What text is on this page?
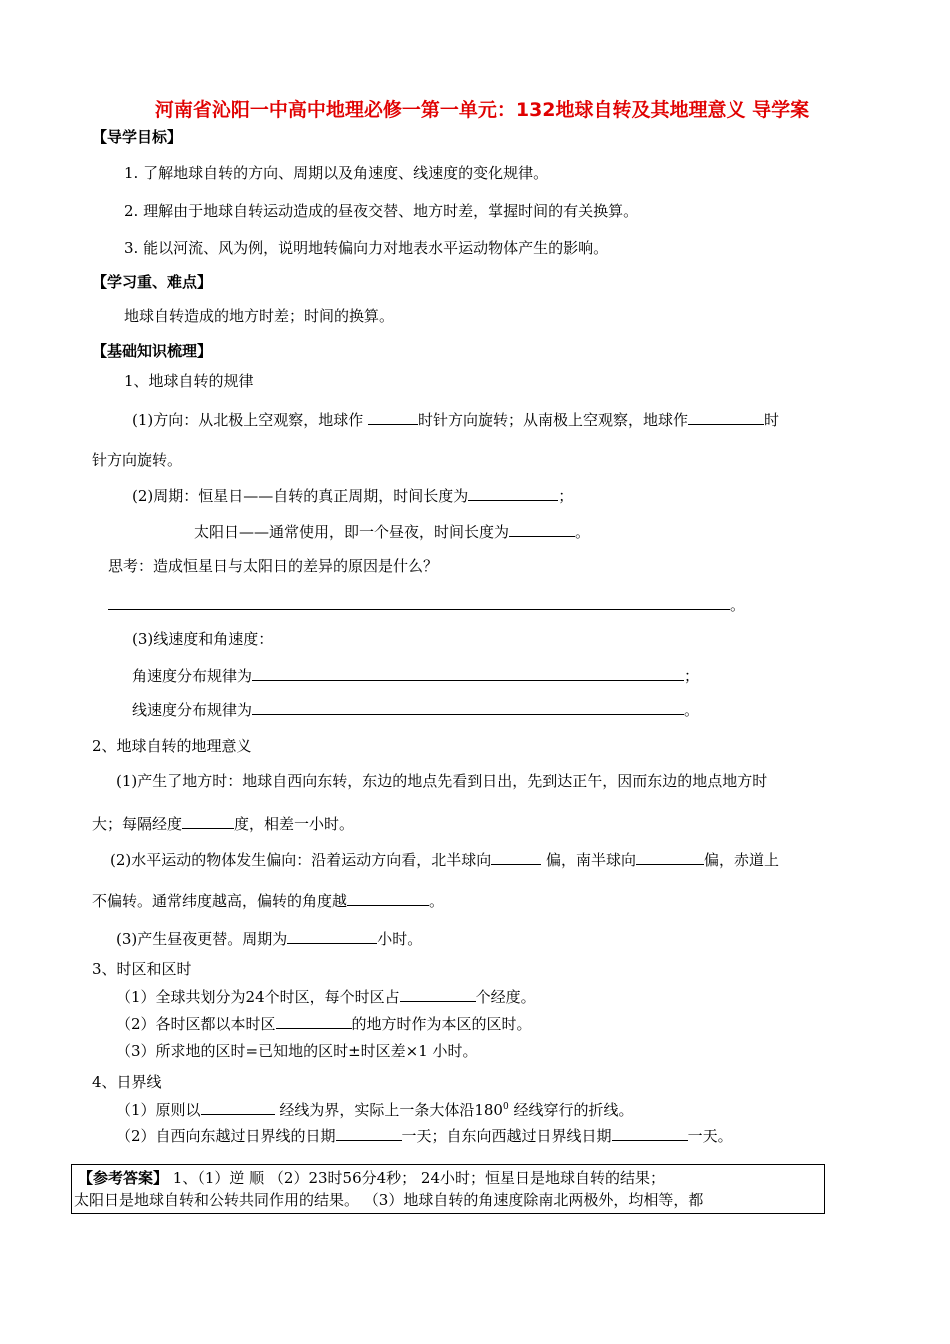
河南省沁阳一中高中地理必修一第一单元：132地球自转及其地理意义 导学案
【导学目标】
1. 了解地球自转的方向、周期以及角速度、线速度的变化规律。
2. 理解由于地球自转运动造成的昼夜交替、地方时差，掌握时间的有关换算。
3. 能以河流、风为例，说明地转偏向力对地表水平运动物体产生的影响。
【学习重、难点】
地球自转造成的地方时差；时间的换算。
【基础知识梳理】
1、地球自转的规律
(1)方向：从北极上空观察，地球作	时针方向旋转；从南极上空观察，地球作	时
针方向旋转。
(2)周期：恒星日——自转的真正周期，时间长度为	；
太阳日——通常使用，即一个昼夜，时间长度为	。
思考：造成恒星日与太阳日的差异的原因是什么？
。
(3)线速度和角速度：
角速度分布规律为	；
线速度分布规律为	。
2、地球自转的地理意义
(1)产生了地方时：地球自西向东转，东边的地点先看到日出，先到达正午，因而东边的地点地方时
大；每隔经度	度，相差一小时。
(2)水平运动的物体发生偏向：沿着运动方向看，北半球向	偏，南半球向	偏，赤道上
不偏转。通常纬度越高，偏转的角度越	。
(3)产生昼夜更替。周期为	小时。
3、时区和区时
（1）全球共划分为24个时区，每个时区占	个经度。
（2）各时区都以本时区	的地方时作为本区的区时。
（3）所求地的区时=已知地的区时±时区差×1 小时。
4、日界线
（1）原则以	经线为界，实际上一条大体沿$180^0$ 经线穿行的折线。
（2）自西向东越过日界线的日期	一天；自东向西越过日界线日期	一天。
【参考答案】 1、（1）逆 顺 （2）23时56分4秒； 24小时；恒星日是地球自转的结果；
太阳日是地球自转和公转共同作用的结果。 （3）地球自转的角速度除南北两极外，均相等，都
